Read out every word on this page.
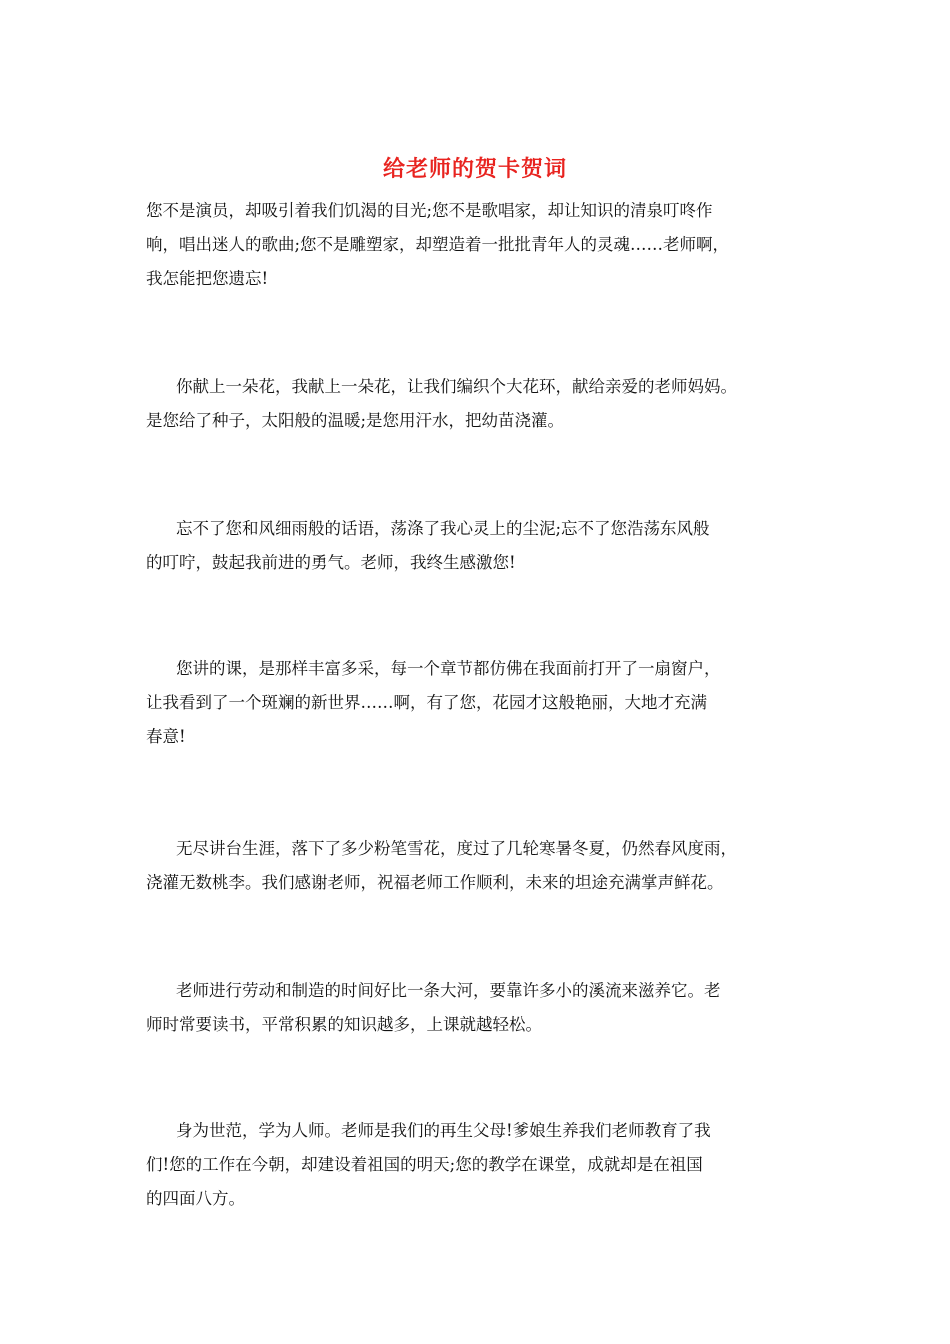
给老师的贺卡贺词

您不是演员，却吸引着我们饥渴的目光;您不是歌唱家，却让知识的清泉叮咚作
响，唱出迷人的歌曲;您不是雕塑家，却塑造着一批批青年人的灵魂……老师啊，
我怎能把您遗忘!

你献上一朵花，我献上一朵花，让我们编织个大花环，献给亲爱的老师妈妈。
是您给了种子，太阳般的温暖;是您用汗水，把幼苗浇灌。

忘不了您和风细雨般的话语，荡涤了我心灵上的尘泥;忘不了您浩荡东风般
的叮咛，鼓起我前进的勇气。老师，我终生感激您!

您讲的课，是那样丰富多采，每一个章节都仿佛在我面前打开了一扇窗户，
让我看到了一个斑斓的新世界……啊，有了您，花园才这般艳丽，大地才充满
春意!

无尽讲台生涯，落下了多少粉笔雪花，度过了几轮寒暑冬夏，仍然春风度雨，
浇灌无数桃李。我们感谢老师，祝福老师工作顺利，未来的坦途充满掌声鲜花。

老师进行劳动和制造的时间好比一条大河，要靠许多小的溪流来滋养它。老
师时常要读书，平常积累的知识越多，上课就越轻松。

身为世范，学为人师。老师是我们的再生父母!爹娘生养我们老师教育了我
们!您的工作在今朝，却建设着祖国的明天;您的教学在课堂，成就却是在祖国
的四面八方。
